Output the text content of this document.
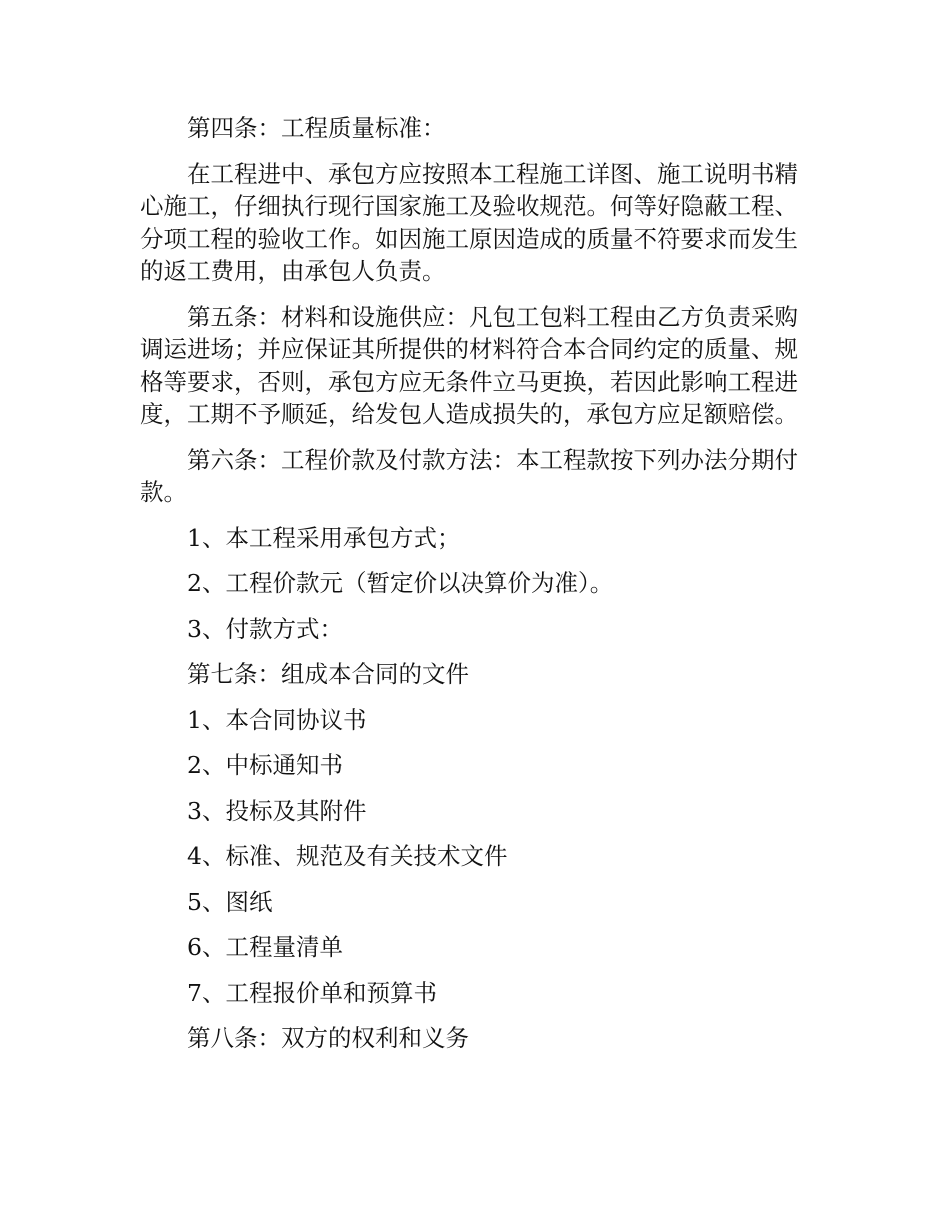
第四条：工程质量标准：

在工程进中、承包方应按照本工程施工详图、施工说明书精心施工，仔细执行现行国家施工及验收规范。何等好隐蔽工程、分项工程的验收工作。如因施工原因造成的质量不符要求而发生的返工费用，由承包人负责。

第五条：材料和设施供应：凡包工包料工程由乙方负责采购调运进场；并应保证其所提供的材料符合本合同约定的质量、规格等要求，否则，承包方应无条件立马更换，若因此影响工程进度，工期不予顺延，给发包人造成损失的，承包方应足额赔偿。

第六条：工程价款及付款方法：本工程款按下列办法分期付款。

1、本工程采用承包方式；

2、工程价款元（暂定价以决算价为准）。

3、付款方式：

第七条：组成本合同的文件

1、本合同协议书

2、中标通知书

3、投标及其附件

4、标准、规范及有关技术文件

5、图纸

6、工程量清单

7、工程报价单和预算书

第八条：双方的权利和义务
